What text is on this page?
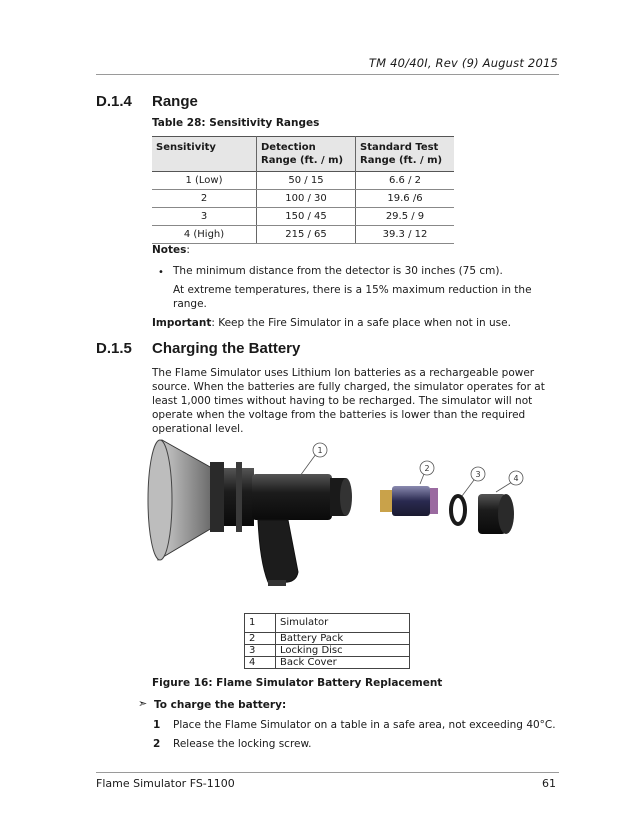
TM 40/40I, Rev (9) August 2015
D.1.4 Range
Table 28: Sensitivity Ranges
Sensitivity	Detection Range (ft. / m)	Standard Test Range (ft. / m)
1 (Low)	50 / 15	6.6 / 2
2	100 / 30	19.6 /6
3	150 / 45	29.5 / 9
4 (High)	215 / 65	39.3 / 12
Notes:
• The minimum distance from the detector is 30 inches (75 cm).
At extreme temperatures, there is a 15% maximum reduction in the
range.
Important: Keep the Fire Simulator in a safe place when not in use.
D.1.5 Charging the Battery
The Flame Simulator uses Lithium Ion batteries as a rechargeable power
source. When the batteries are fully charged, the simulator operates for at
least 1,000 times without having to be recharged. The simulator will not
operate when the voltage from the batteries is lower than the required
operational level.
1
2
3	4
1	Simulator
2	Battery Pack
3	Locking Disc
4	Back Cover
Figure 16: Flame Simulator Battery Replacement
➣ To charge the battery:
1 Place the Flame Simulator on a table in a safe area, not exceeding 40°C.
2 Release the locking screw.
Flame Simulator FS-1100	61
